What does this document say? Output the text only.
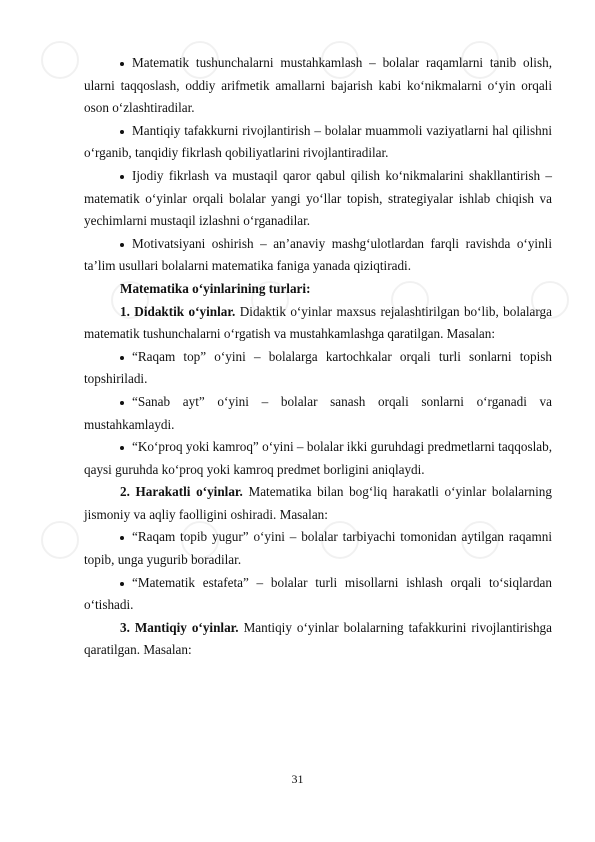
Matematik tushunchalarni mustahkamlash – bolalar raqamlarni tanib olish, ularni taqqoslash, oddiy arifmetik amallarni bajarish kabi ko‘nikmalarni o‘yin orqali oson o‘zlashtiradilar.

Mantiqiy tafakkurni rivojlantirish – bolalar muammoli vaziyatlarni hal qilishni o‘rganib, tanqidiy fikrlash qobiliyatlarini rivojlantiradilar.

Ijodiy fikrlash va mustaqil qaror qabul qilish ko‘nikmalarini shakllantirish – matematik o‘yinlar orqali bolalar yangi yo‘llar topish, strategiyalar ishlab chiqish va yechimlarni mustaqil izlashni o‘rganadilar.

Motivatsiyani oshirish – an’anaviy mashg‘ulotlardan farqli ravishda o‘yinli ta’lim usullari bolalarni matematika faniga yanada qiziqtiradi.

Matematika o‘yinlarining turlari:

1. Didaktik o‘yinlar. Didaktik o‘yinlar maxsus rejalashtirilgan bo‘lib, bolalarga matematik tushunchalarni o‘rgatish va mustahkamlashga qaratilgan. Masalan:

“Raqam top” o‘yini – bolalarga kartochkalar orqali turli sonlarni topish topshiriladi.

“Sanab ayt” o‘yini – bolalar sanash orqali sonlarni o‘rganadi va mustahkamlaydi.

“Ko‘proq yoki kamroq” o‘yini – bolalar ikki guruhdagi predmetlarni taqqoslab, qaysi guruhda ko‘proq yoki kamroq predmet borligini aniqlaydi.

2. Harakatli o‘yinlar. Matematika bilan bog‘liq harakatli o‘yinlar bolalarning jismoniy va aqliy faolligini oshiradi. Masalan:

“Raqam topib yugur” o‘yini – bolalar tarbiyachi tomonidan aytilgan raqamni topib, unga yugurib boradilar.

“Matematik estafeta” – bolalar turli misollarni ishlash orqali to‘siqlardan o‘tishadi.

3. Mantiqiy o‘yinlar. Mantiqiy o‘yinlar bolalarning tafakkurini rivojlantirishga qaratilgan. Masalan:

31
